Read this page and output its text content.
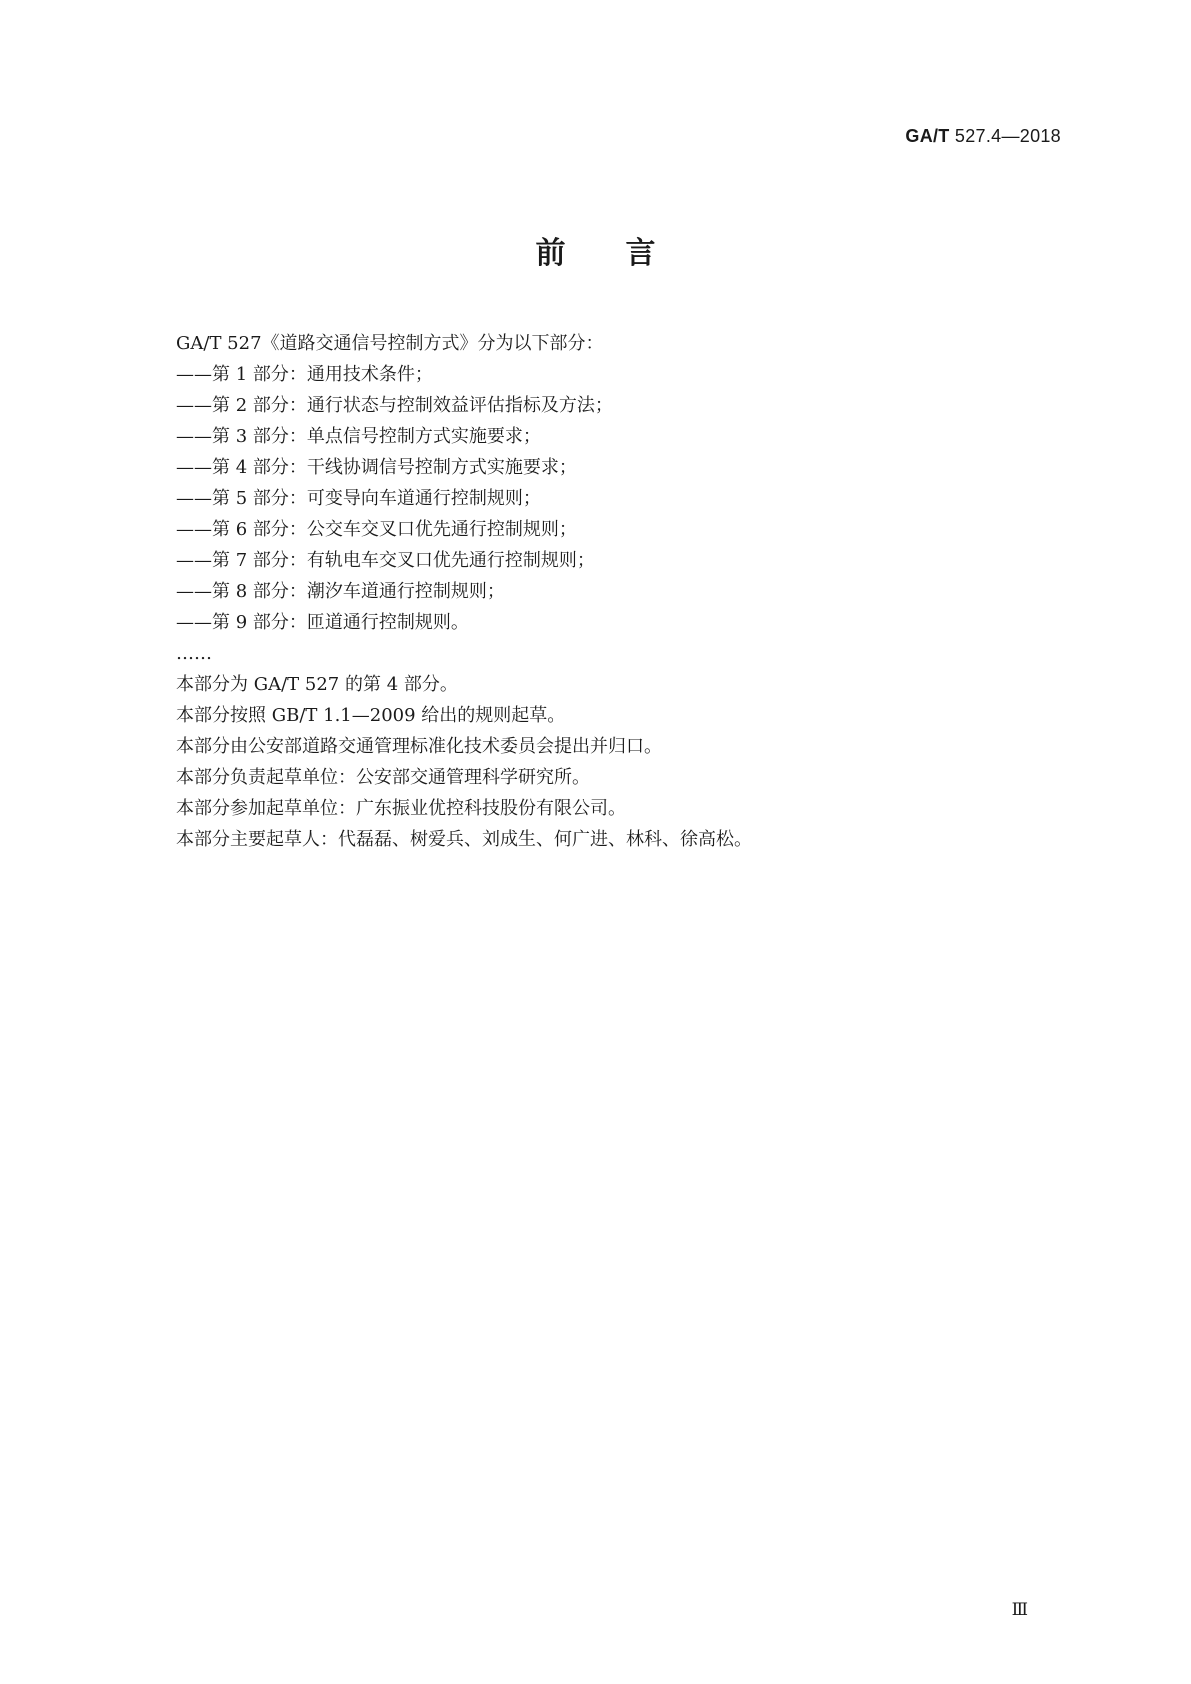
GA/T 527.4—2018
前言
GA/T 527《道路交通信号控制方式》分为以下部分：
——第 1 部分：通用技术条件；
——第 2 部分：通行状态与控制效益评估指标及方法；
——第 3 部分：单点信号控制方式实施要求；
——第 4 部分：干线协调信号控制方式实施要求；
——第 5 部分：可变导向车道通行控制规则；
——第 6 部分：公交车交叉口优先通行控制规则；
——第 7 部分：有轨电车交叉口优先通行控制规则；
——第 8 部分：潮汐车道通行控制规则；
——第 9 部分：匝道通行控制规则。
……
本部分为 GA/T 527 的第 4 部分。
本部分按照 GB/T 1.1—2009 给出的规则起草。
本部分由公安部道路交通管理标准化技术委员会提出并归口。
本部分负责起草单位：公安部交通管理科学研究所。
本部分参加起草单位：广东振业优控科技股份有限公司。
本部分主要起草人：代磊磊、树爱兵、刘成生、何广进、林科、徐高松。
Ⅲ
